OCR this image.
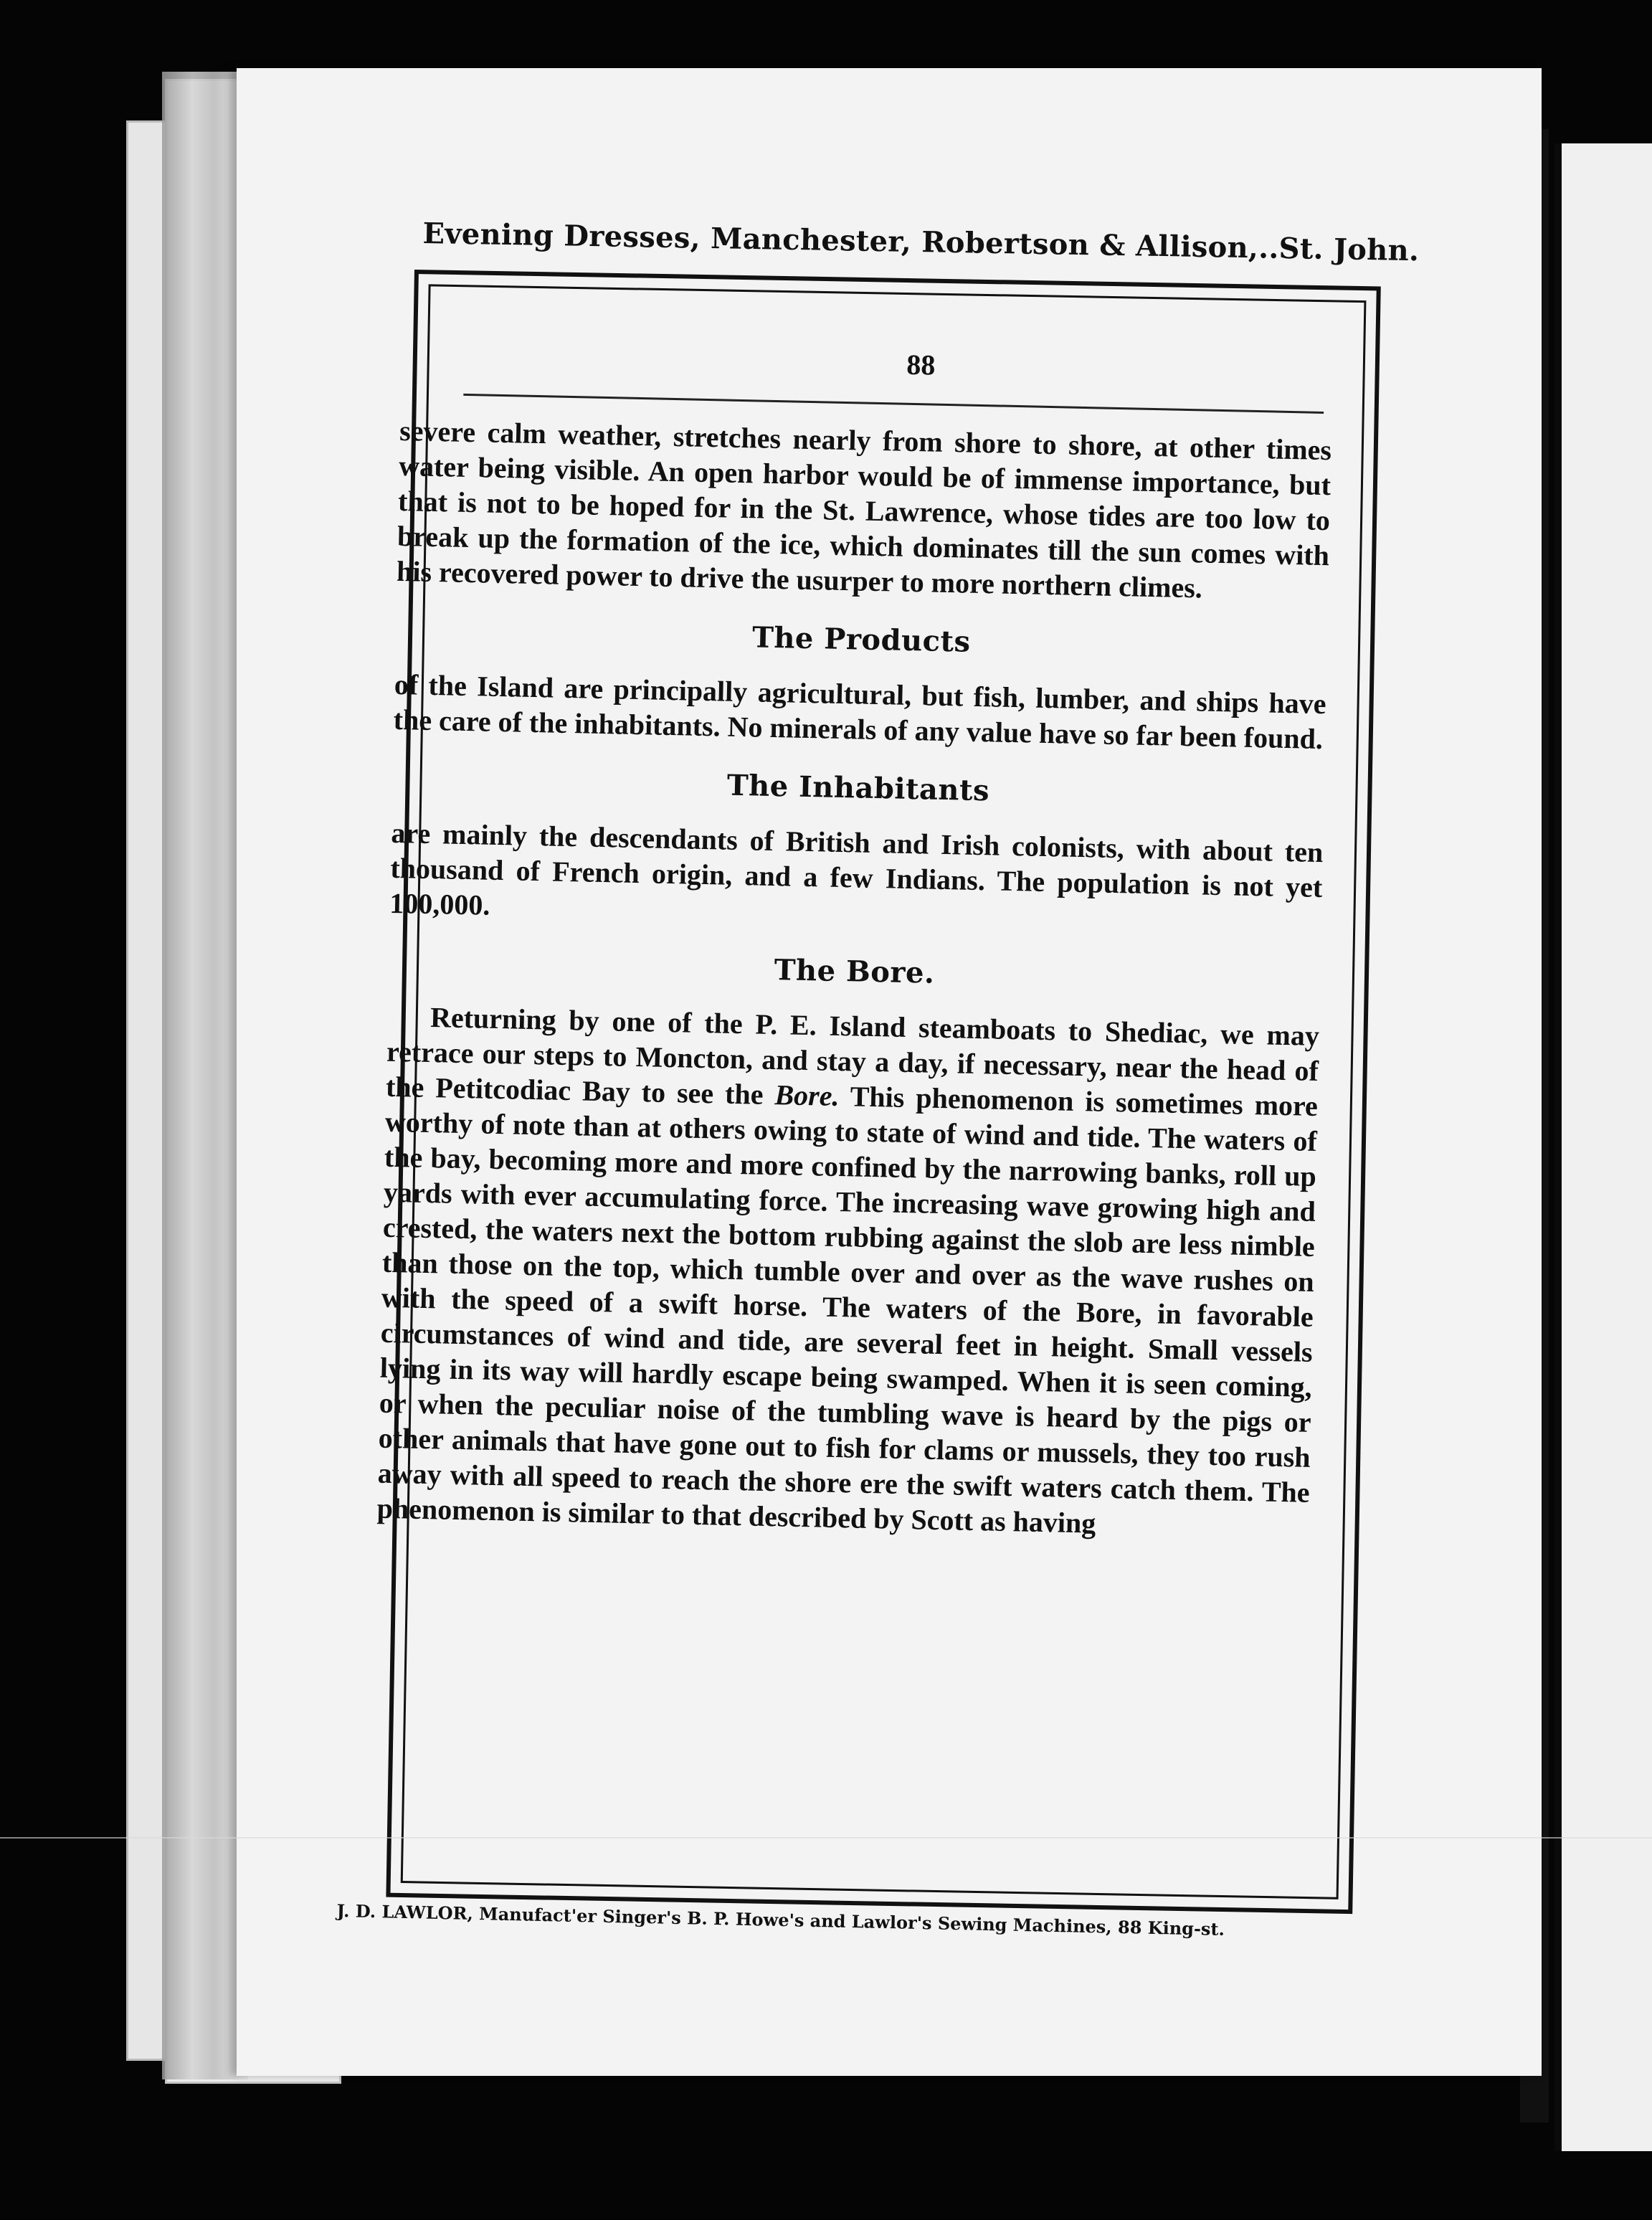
Evening Dresses, Manchester, Robertson & Allison,..St. John.
88

severe calm weather, stretches nearly from shore to shore, at other times water being visible. An open harbor would be of immense importance, but that is not to be hoped for in the St. Lawrence, whose tides are too low to break up the formation of the ice, which dominates till the sun comes with his recovered power to drive the usurper to more northern climes.

The Products

of the Island are principally agricultural, but fish, lumber, and ships have the care of the inhabitants. No minerals of any value have so far been found.

The Inhabitants

are mainly the descendants of British and Irish colonists, with about ten thousand of French origin, and a few Indians. The population is not yet 100,000.

The Bore.

Returning by one of the P. E. Island steamboats to Shediac, we may retrace our steps to Moncton, and stay a day, if necessary, near the head of the Petitcodiac Bay to see the Bore. This phenomenon is sometimes more worthy of note than at others owing to state of wind and tide. The waters of the bay, becoming more and more confined by the narrowing banks, roll up yards with ever accumulating force. The increasing wave growing high and crested, the waters next the bottom rubbing against the slob are less nimble than those on the top, which tumble over and over as the wave rushes on with the speed of a swift horse. The waters of the Bore, in favorable circumstances of wind and tide, are several feet in height. Small vessels lying in its way will hardly escape being swamped. When it is seen coming, or when the peculiar noise of the tumbling wave is heard by the pigs or other animals that have gone out to fish for clams or mussels, they too rush away with all speed to reach the shore ere the swift waters catch them. The phenomenon is similar to that described by Scott as having

J. D. LAWLOR, Manufact'er Singer's B. P. Howe's and Lawlor's Sewing Machines, 88 King-st.
